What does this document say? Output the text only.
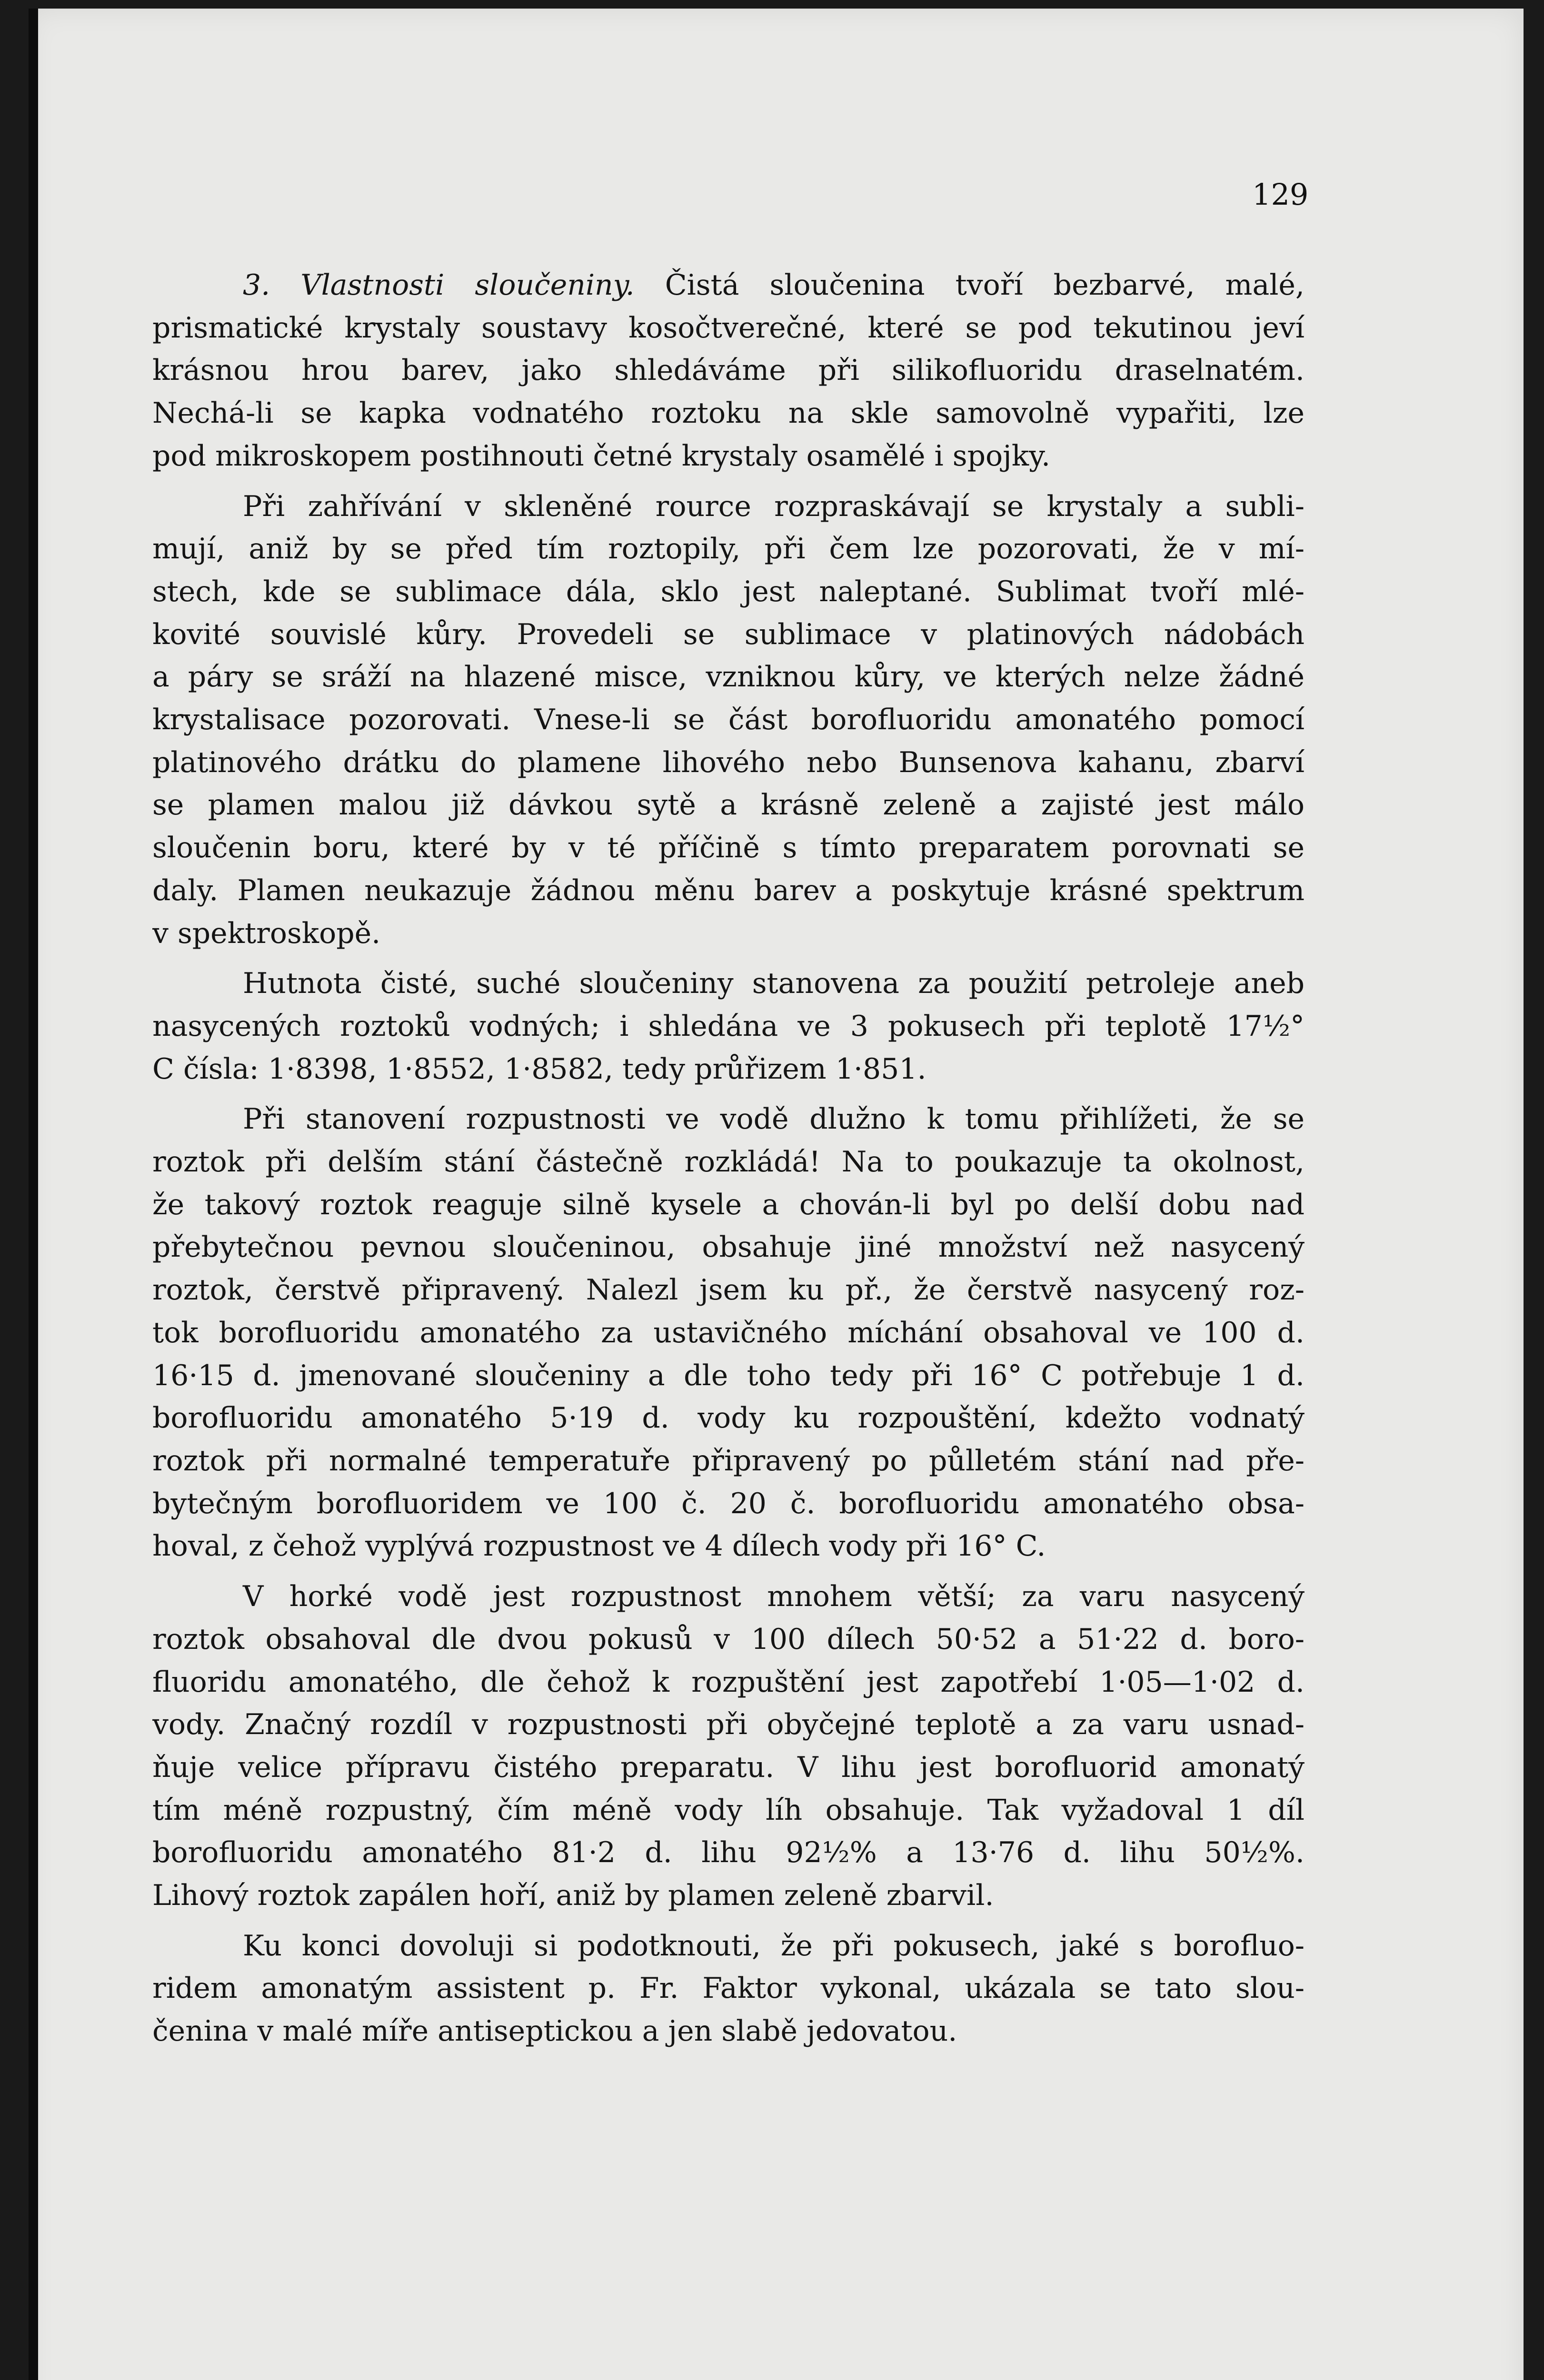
129
3. Vlastnosti sloučeniny. Čistá sloučenina tvoří bezbarvé, malé,
prismatické krystaly soustavy kosočtverečné, které se pod tekutinou jeví
krásnou hrou barev, jako shledáváme při silikofluoridu draselnatém.
Nechá-li se kapka vodnatého roztoku na skle samovolně vypařiti, lze
pod mikroskopem postihnouti četné krystaly osamělé i spojky.
Při zahřívání v skleněné rource rozpraskávají se krystaly a subli-
mují, aniž by se před tím roztopily, při čem lze pozorovati, že v mí-
stech, kde se sublimace dála, sklo jest naleptané. Sublimat tvoří mlé-
kovité souvislé kůry. Provedeli se sublimace v platinových nádobách
a páry se sráží na hlazené misce, vzniknou kůry, ve kterých nelze žádné
krystalisace pozorovati. Vnese-li se část borofluoridu amonatého pomocí
platinového drátku do plamene lihového nebo Bunsenova kahanu, zbarví
se plamen malou již dávkou sytě a krásně zeleně a zajisté jest málo
sloučenin boru, které by v té příčině s tímto preparatem porovnati se
daly. Plamen neukazuje žádnou měnu barev a poskytuje krásné spektrum
v spektroskopě.
Hutnota čisté, suché sloučeniny stanovena za použití petroleje aneb
nasycených roztoků vodných; i shledána ve 3 pokusech při teplotě 17½°
C čísla: 1·8398, 1·8552, 1·8582, tedy průřizem 1·851.
Při stanovení rozpustnosti ve vodě dlužno k tomu přihlížeti, že se
roztok při delším stání částečně rozkládá! Na to poukazuje ta okolnost,
že takový roztok reaguje silně kysele a chován-li byl po delší dobu nad
přebytečnou pevnou sloučeninou, obsahuje jiné množství než nasycený
roztok, čerstvě připravený. Nalezl jsem ku př., že čerstvě nasycený roz-
tok borofluoridu amonatého za ustavičného míchání obsahoval ve 100 d.
16·15 d. jmenované sloučeniny a dle toho tedy při 16° C potřebuje 1 d.
borofluoridu amonatého 5·19 d. vody ku rozpouštění, kdežto vodnatý
roztok při normalné temperatuře připravený po půlletém stání nad pře-
bytečným borofluoridem ve 100 č. 20 č. borofluoridu amonatého obsa-
hoval, z čehož vyplývá rozpustnost ve 4 dílech vody při 16° C.
V horké vodě jest rozpustnost mnohem větší; za varu nasycený
roztok obsahoval dle dvou pokusů v 100 dílech 50·52 a 51·22 d. boro-
fluoridu amonatého, dle čehož k rozpuštění jest zapotřebí 1·05—1·02 d.
vody. Značný rozdíl v rozpustnosti při obyčejné teplotě a za varu usnad-
ňuje velice přípravu čistého preparatu. V lihu jest borofluorid amonatý
tím méně rozpustný, čím méně vody líh obsahuje. Tak vyžadoval 1 díl
borofluoridu amonatého 81·2 d. lihu 92½% a 13·76 d. lihu 50½%.
Lihový roztok zapálen hoří, aniž by plamen zeleně zbarvil.
Ku konci dovoluji si podotknouti, že při pokusech, jaké s borofluo-
ridem amonatým assistent p. Fr. Faktor vykonal, ukázala se tato slou-
čenina v malé míře antiseptickou a jen slabě jedovatou.
